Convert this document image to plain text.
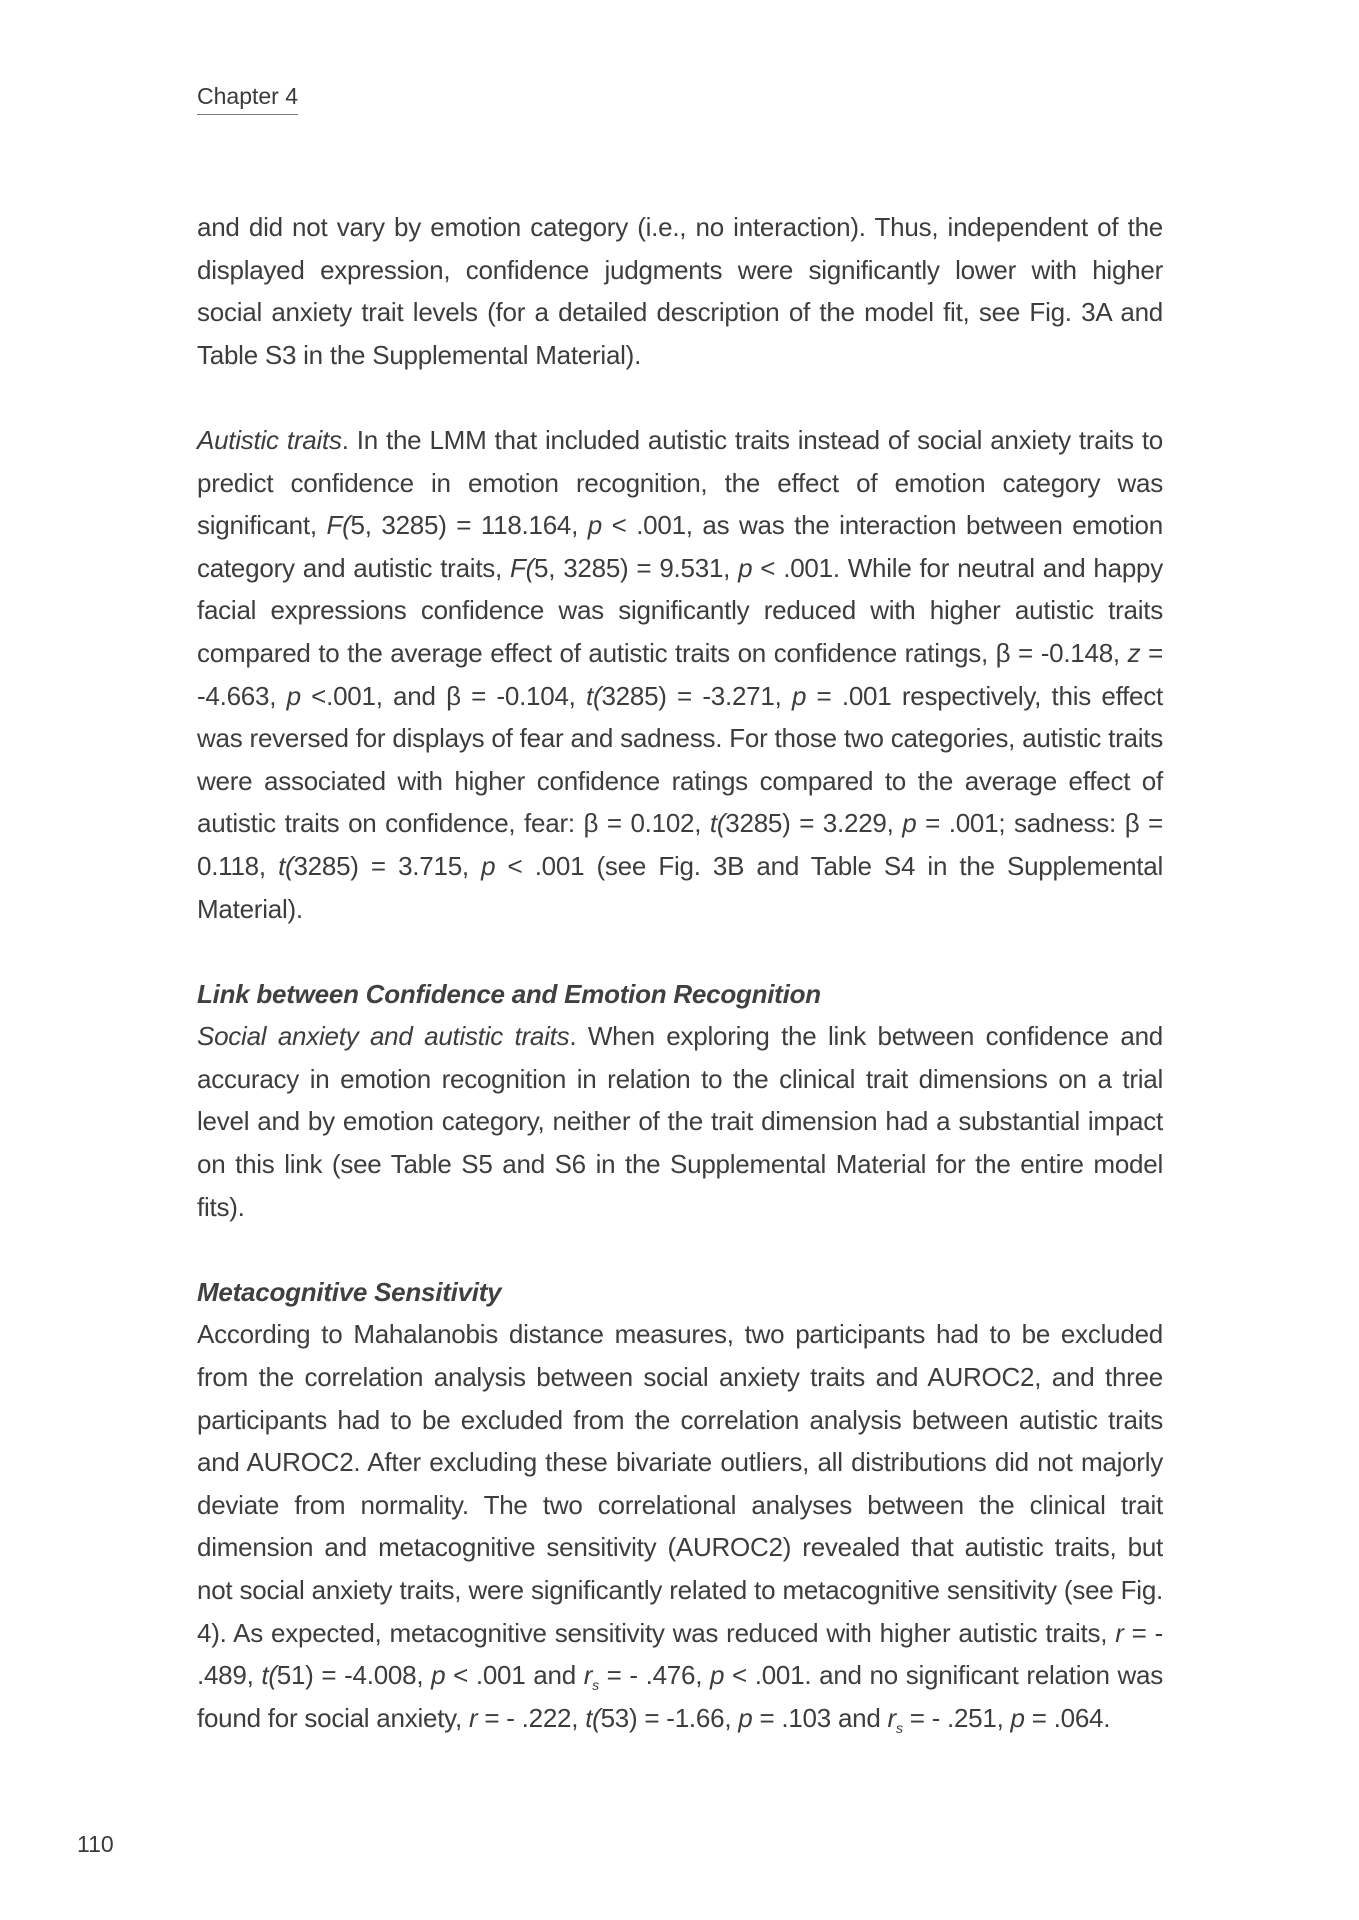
Chapter 4

and did not vary by emotion category (i.e., no interaction). Thus, independent of the displayed expression, confidence judgments were significantly lower with higher social anxiety trait levels (for a detailed description of the model fit, see Fig. 3A and Table S3 in the Supplemental Material).

Autistic traits. In the LMM that included autistic traits instead of social anxiety traits to predict confidence in emotion recognition, the effect of emotion category was significant, F(5, 3285) = 118.164, p < .001, as was the interaction between emotion category and autistic traits, F(5, 3285) = 9.531, p < .001. While for neutral and happy facial expressions confidence was significantly reduced with higher autistic traits compared to the average effect of autistic traits on confidence ratings, β = -0.148, z = -4.663, p <.001, and β = -0.104, t(3285) = -3.271, p = .001 respectively, this effect was reversed for displays of fear and sadness. For those two categories, autistic traits were associated with higher confidence ratings compared to the average effect of autistic traits on confidence, fear: β = 0.102, t(3285) = 3.229, p = .001; sadness: β = 0.118, t(3285) = 3.715, p < .001 (see Fig. 3B and Table S4 in the Supplemental Material).

Link between Confidence and Emotion Recognition

Social anxiety and autistic traits. When exploring the link between confidence and accuracy in emotion recognition in relation to the clinical trait dimensions on a trial level and by emotion category, neither of the trait dimension had a substantial impact on this link (see Table S5 and S6 in the Supplemental Material for the entire model fits).

Metacognitive Sensitivity

According to Mahalanobis distance measures, two participants had to be excluded from the correlation analysis between social anxiety traits and AUROC2, and three participants had to be excluded from the correlation analysis between autistic traits and AUROC2. After excluding these bivariate outliers, all distributions did not majorly deviate from normality. The two correlational analyses between the clinical trait dimension and metacognitive sensitivity (AUROC2) revealed that autistic traits, but not social anxiety traits, were significantly related to metacognitive sensitivity (see Fig. 4). As expected, metacognitive sensitivity was reduced with higher autistic traits, r = - .489, t(51) = -4.008, p < .001 and $r_s$ = - .476, p < .001. and no significant relation was found for social anxiety, r = - .222, t(53) = -1.66, p = .103 and $r_s$ = - .251, p = .064.

110
